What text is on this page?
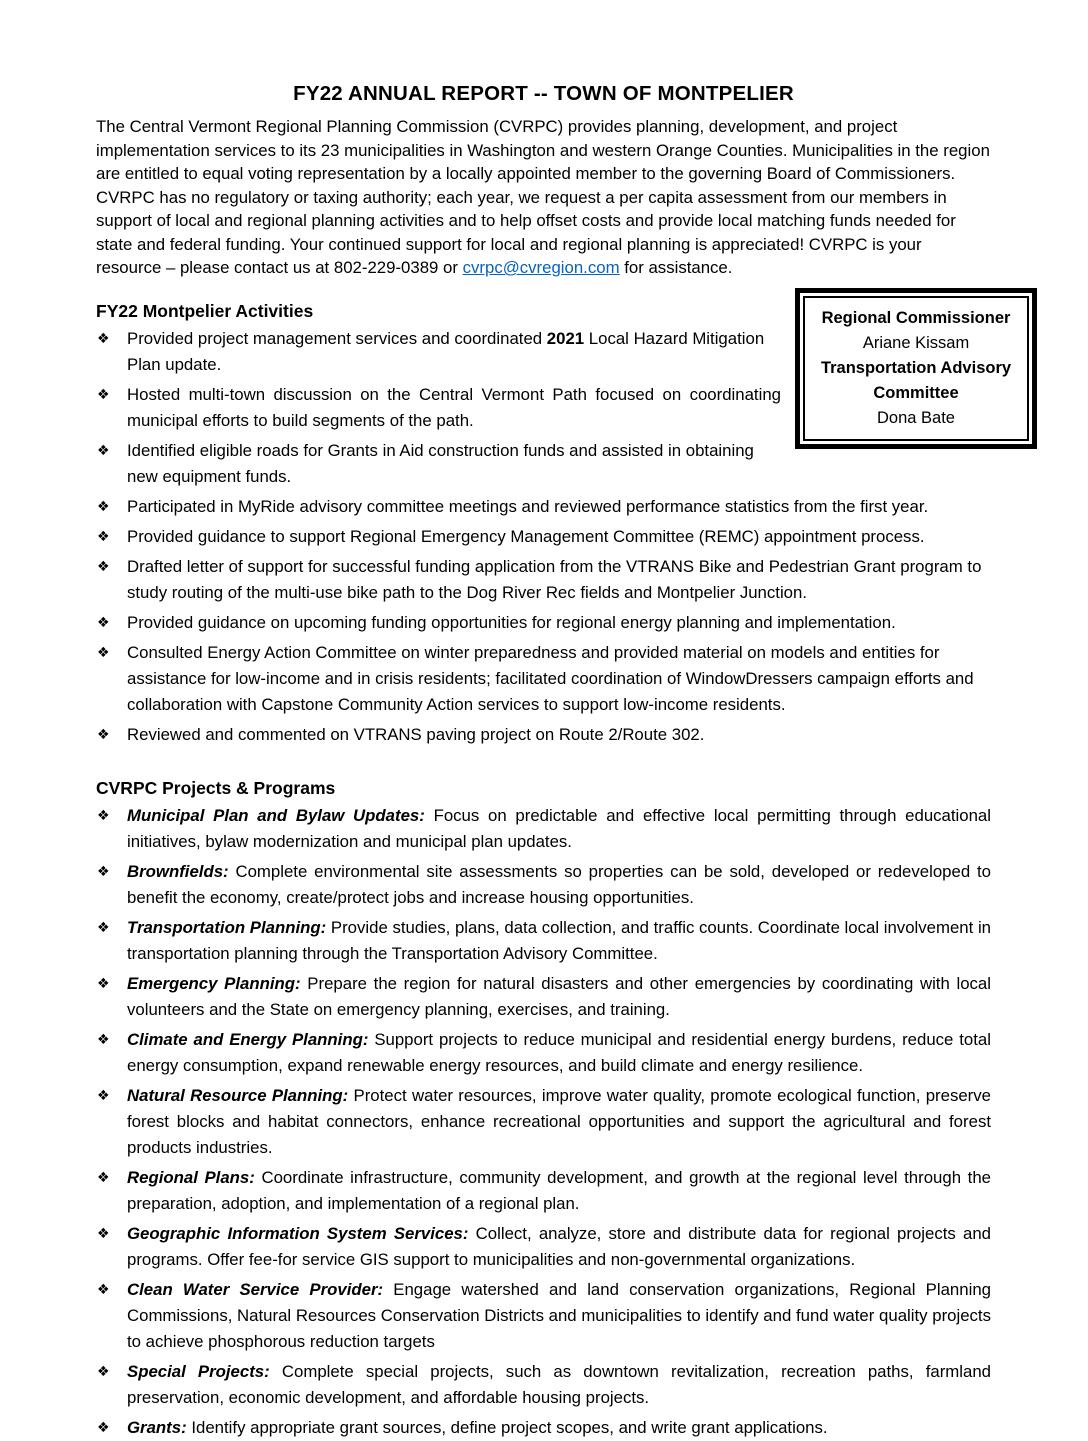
FY22 ANNUAL REPORT -- TOWN OF MONTPELIER

The Central Vermont Regional Planning Commission (CVRPC) provides planning, development, and project implementation services to its 23 municipalities in Washington and western Orange Counties. Municipalities in the region are entitled to equal voting representation by a locally appointed member to the governing Board of Commissioners. CVRPC has no regulatory or taxing authority; each year, we request a per capita assessment from our members in support of local and regional planning activities and to help offset costs and provide local matching funds needed for state and federal funding. Your continued support for local and regional planning is appreciated! CVRPC is your resource – please contact us at 802-229-0389 or cvrpc@cvregion.com for assistance.

Regional Commissioner
Ariane Kissam
Transportation Advisory Committee
Dona Bate
FY22 Montpelier Activities
❖ Provided project management services and coordinated 2021 Local Hazard Mitigation Plan update.
❖ Hosted multi-town discussion on the Central Vermont Path focused on coordinating municipal efforts to build segments of the path.
❖ Identified eligible roads for Grants in Aid construction funds and assisted in obtaining new equipment funds.
❖ Participated in MyRide advisory committee meetings and reviewed performance statistics from the first year.
❖ Provided guidance to support Regional Emergency Management Committee (REMC) appointment process.
❖ Drafted letter of support for successful funding application from the VTRANS Bike and Pedestrian Grant program to study routing of the multi-use bike path to the Dog River Rec fields and Montpelier Junction.
❖ Provided guidance on upcoming funding opportunities for regional energy planning and implementation.
❖ Consulted Energy Action Committee on winter preparedness and provided material on models and entities for assistance for low-income and in crisis residents; facilitated coordination of WindowDressers campaign efforts and collaboration with Capstone Community Action services to support low-income residents.
❖ Reviewed and commented on VTRANS paving project on Route 2/Route 302.
CVRPC Projects & Programs
❖ Municipal Plan and Bylaw Updates: Focus on predictable and effective local permitting through educational initiatives, bylaw modernization and municipal plan updates.
❖ Brownfields: Complete environmental site assessments so properties can be sold, developed or redeveloped to benefit the economy, create/protect jobs and increase housing opportunities.
❖ Transportation Planning: Provide studies, plans, data collection, and traffic counts. Coordinate local involvement in transportation planning through the Transportation Advisory Committee.
❖ Emergency Planning: Prepare the region for natural disasters and other emergencies by coordinating with local volunteers and the State on emergency planning, exercises, and training.
❖ Climate and Energy Planning: Support projects to reduce municipal and residential energy burdens, reduce total energy consumption, expand renewable energy resources, and build climate and energy resilience.
❖ Natural Resource Planning: Protect water resources, improve water quality, promote ecological function, preserve forest blocks and habitat connectors, enhance recreational opportunities and support the agricultural and forest products industries.
❖ Regional Plans: Coordinate infrastructure, community development, and growth at the regional level through the preparation, adoption, and implementation of a regional plan.
❖ Geographic Information System Services: Collect, analyze, store and distribute data for regional projects and programs. Offer fee-for service GIS support to municipalities and non-governmental organizations.
❖ Clean Water Service Provider: Engage watershed and land conservation organizations, Regional Planning Commissions, Natural Resources Conservation Districts and municipalities to identify and fund water quality projects to achieve phosphorous reduction targets
❖ Special Projects: Complete special projects, such as downtown revitalization, recreation paths, farmland preservation, economic development, and affordable housing projects.
❖ Grants: Identify appropriate grant sources, define project scopes, and write grant applications.
